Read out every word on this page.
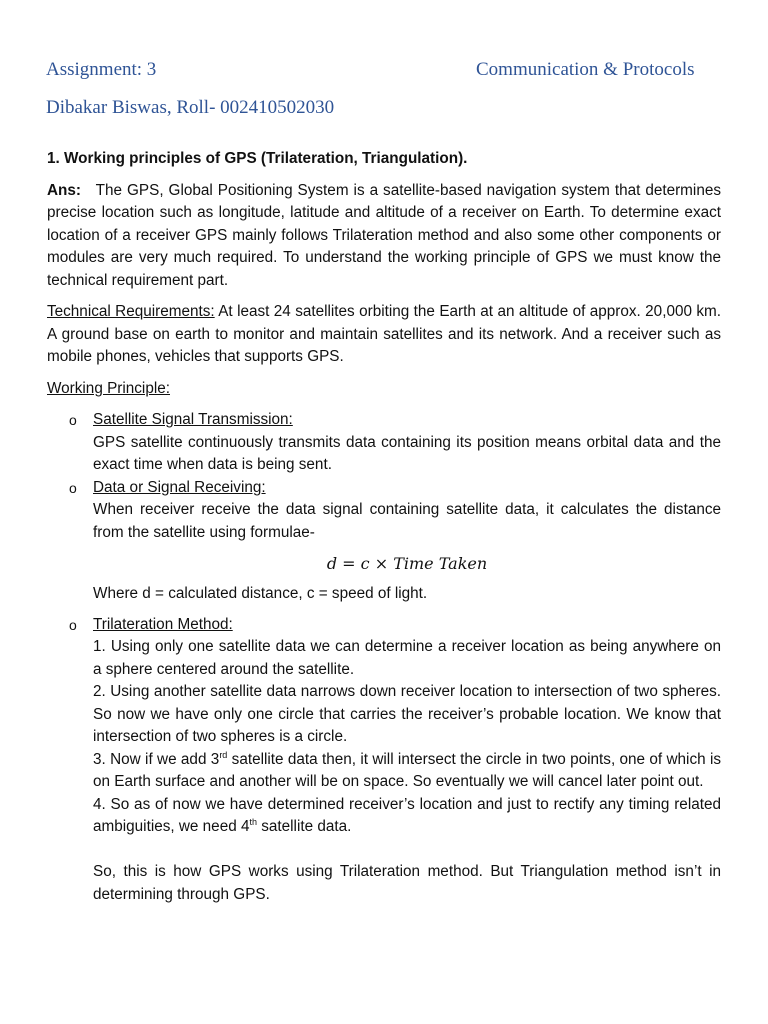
Assignment: 3	Communication & Protocols
Dibakar Biswas, Roll- 002410502030

1. Working principles of GPS (Trilateration, Triangulation).

Ans: The GPS, Global Positioning System is a satellite-based navigation system that determines precise location such as longitude, latitude and altitude of a receiver on Earth. To determine exact location of a receiver GPS mainly follows Trilateration method and also some other components or modules are very much required. To understand the working principle of GPS we must know the technical requirement part.

Technical Requirements: At least 24 satellites orbiting the Earth at an altitude of approx. 20,000 km. A ground base on earth to monitor and maintain satellites and its network. And a receiver such as mobile phones, vehicles that supports GPS.

Working Principle:

o Satellite Signal Transmission:

GPS satellite continuously transmits data containing its position means orbital data and the exact time when data is being sent.

o Data or Signal Receiving:

When receiver receive the data signal containing satellite data, it calculates the distance from the satellite using formulae-

d = c × Time Taken

Where d = calculated distance, c = speed of light.

o Trilateration Method:

1. Using only one satellite data we can determine a receiver location as being anywhere on a sphere centered around the satellite.

2. Using another satellite data narrows down receiver location to intersection of two spheres. So now we have only one circle that carries the receiver’s probable location. We know that intersection of two spheres is a circle.

3. Now if we add 3rd satellite data then, it will intersect the circle in two points, one of which is on Earth surface and another will be on space. So eventually we will cancel later point out.

4. So as of now we have determined receiver’s location and just to rectify any timing related ambiguities, we need 4th satellite data.

So, this is how GPS works using Trilateration method. But Triangulation method isn’t in determining through GPS.
